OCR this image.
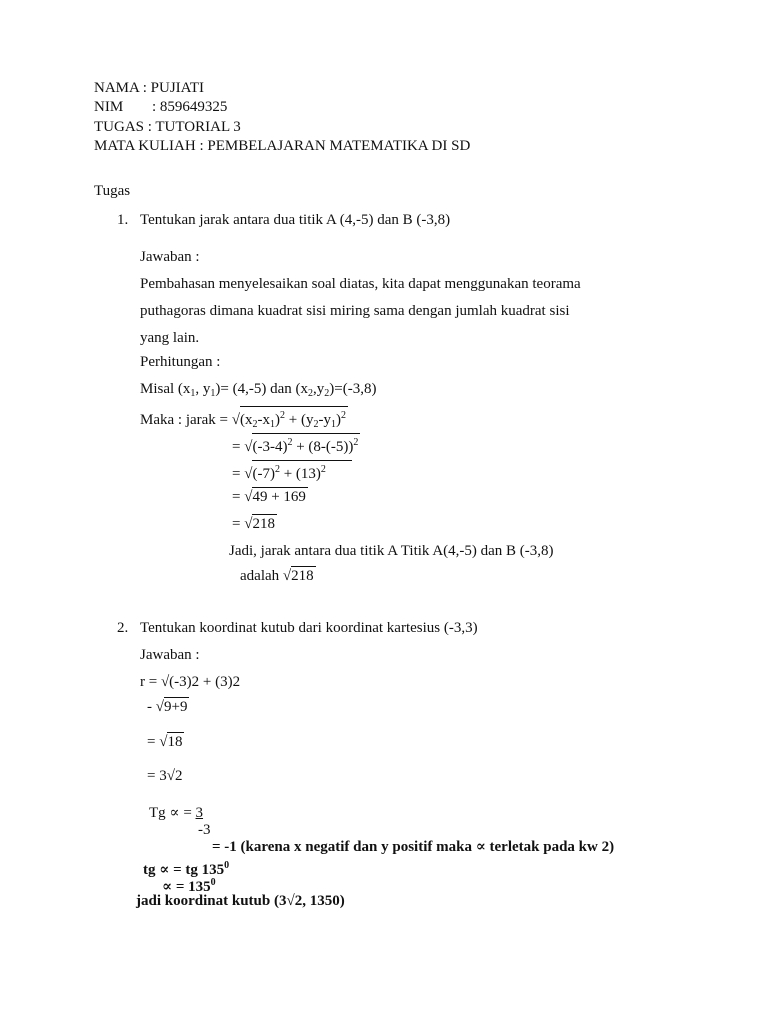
NAMA : PUJIATI
NIM : 859649325
TUGAS : TUTORIAL 3
MATA KULIAH : PEMBELAJARAN MATEMATIKA DI SD
Tugas
1. Tentukan jarak antara dua titik A (4,-5) dan B (-3,8)
Jawaban :
Pembahasan menyelesaikan soal diatas, kita dapat menggunakan teorama
puthagoras dimana kuadrat sisi miring sama dengan jumlah kuadrat sisi
yang lain.
Perhitungan :
Misal ($x_1$, $y_1)= (4,-5)$ dan $(x_2,y_2)=(-3,8)$
Maka : jarak = $√(x_2-x_1)^2 + (y_2-y_1)^2$
= $√(-3-4)^2 + (8-(-5))^2$
= $√(-7)^2 + (13)^2$
= √49 + 169
= √218
Jadi, jarak antara dua titik A Titik A(4,-5) dan B (-3,8)
adalah √218
2. Tentukan koordinat kutub dari koordinat kartesius (-3,3)
Jawaban :
r = √(-3)2 + (3)2
- √9+9
= √18
= 3√2
Tg ∝ = 3
-3
= -1 (karena x negatif dan y positif maka ∝ terletak pada kw 2)
tg ∝ = tg $135^0$
∝ = $135^0$
jadi koordinat kutub (3√2, 1350)
